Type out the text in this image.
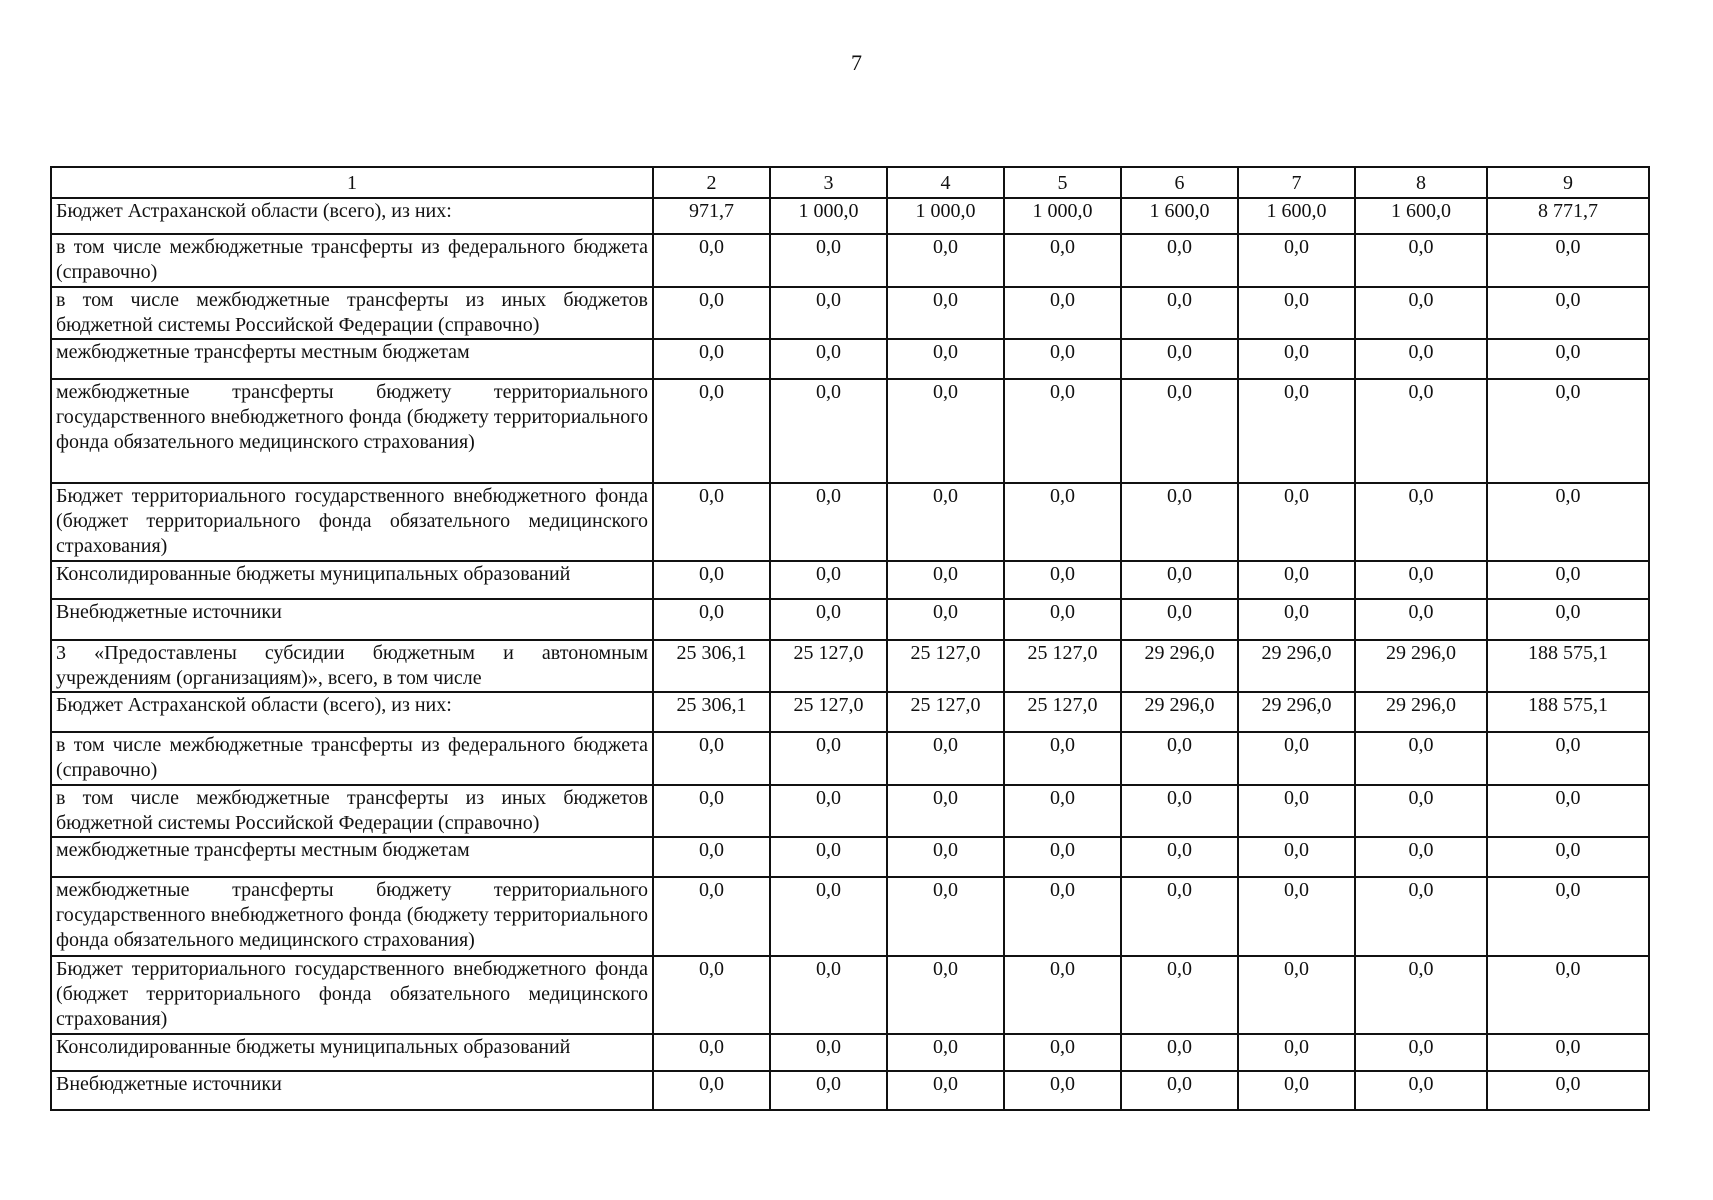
7
1	2	3	4	5	6	7	8	9
Бюджет Астраханской области (всего), из них:	971,7	1 000,0	1 000,0	1 000,0	1 600,0	1 600,0	1 600,0	8 771,7
в том числе межбюджетные трансферты из федерального бюджета (справочно)	0,0	0,0	0,0	0,0	0,0	0,0	0,0	0,0
в том числе межбюджетные трансферты из иных бюджетов бюджетной системы Российской Федерации (справочно)	0,0	0,0	0,0	0,0	0,0	0,0	0,0	0,0
межбюджетные трансферты местным бюджетам	0,0	0,0	0,0	0,0	0,0	0,0	0,0	0,0
межбюджетные трансферты бюджету территориального государственного внебюджетного фонда (бюджету территориального фонда обязательного медицинского страхования)	0,0	0,0	0,0	0,0	0,0	0,0	0,0	0,0
Бюджет территориального государственного внебюджетного фонда (бюджет территориального фонда обязательного медицинского страхования)	0,0	0,0	0,0	0,0	0,0	0,0	0,0	0,0
Консолидированные бюджеты муниципальных образований	0,0	0,0	0,0	0,0	0,0	0,0	0,0	0,0
Внебюджетные источники	0,0	0,0	0,0	0,0	0,0	0,0	0,0	0,0
3 «Предоставлены субсидии бюджетным и автономным учреждениям (организациям)», всего, в том числе	25 306,1	25 127,0	25 127,0	25 127,0	29 296,0	29 296,0	29 296,0	188 575,1
Бюджет Астраханской области (всего), из них:	25 306,1	25 127,0	25 127,0	25 127,0	29 296,0	29 296,0	29 296,0	188 575,1
в том числе межбюджетные трансферты из федерального бюджета (справочно)	0,0	0,0	0,0	0,0	0,0	0,0	0,0	0,0
в том числе межбюджетные трансферты из иных бюджетов бюджетной системы Российской Федерации (справочно)	0,0	0,0	0,0	0,0	0,0	0,0	0,0	0,0
межбюджетные трансферты местным бюджетам	0,0	0,0	0,0	0,0	0,0	0,0	0,0	0,0
межбюджетные трансферты бюджету территориального государственного внебюджетного фонда (бюджету территориального фонда обязательного медицинского страхования)	0,0	0,0	0,0	0,0	0,0	0,0	0,0	0,0
Бюджет территориального государственного внебюджетного фонда (бюджет территориального фонда обязательного медицинского страхования)	0,0	0,0	0,0	0,0	0,0	0,0	0,0	0,0
Консолидированные бюджеты муниципальных образований	0,0	0,0	0,0	0,0	0,0	0,0	0,0	0,0
Внебюджетные источники	0,0	0,0	0,0	0,0	0,0	0,0	0,0	0,0
